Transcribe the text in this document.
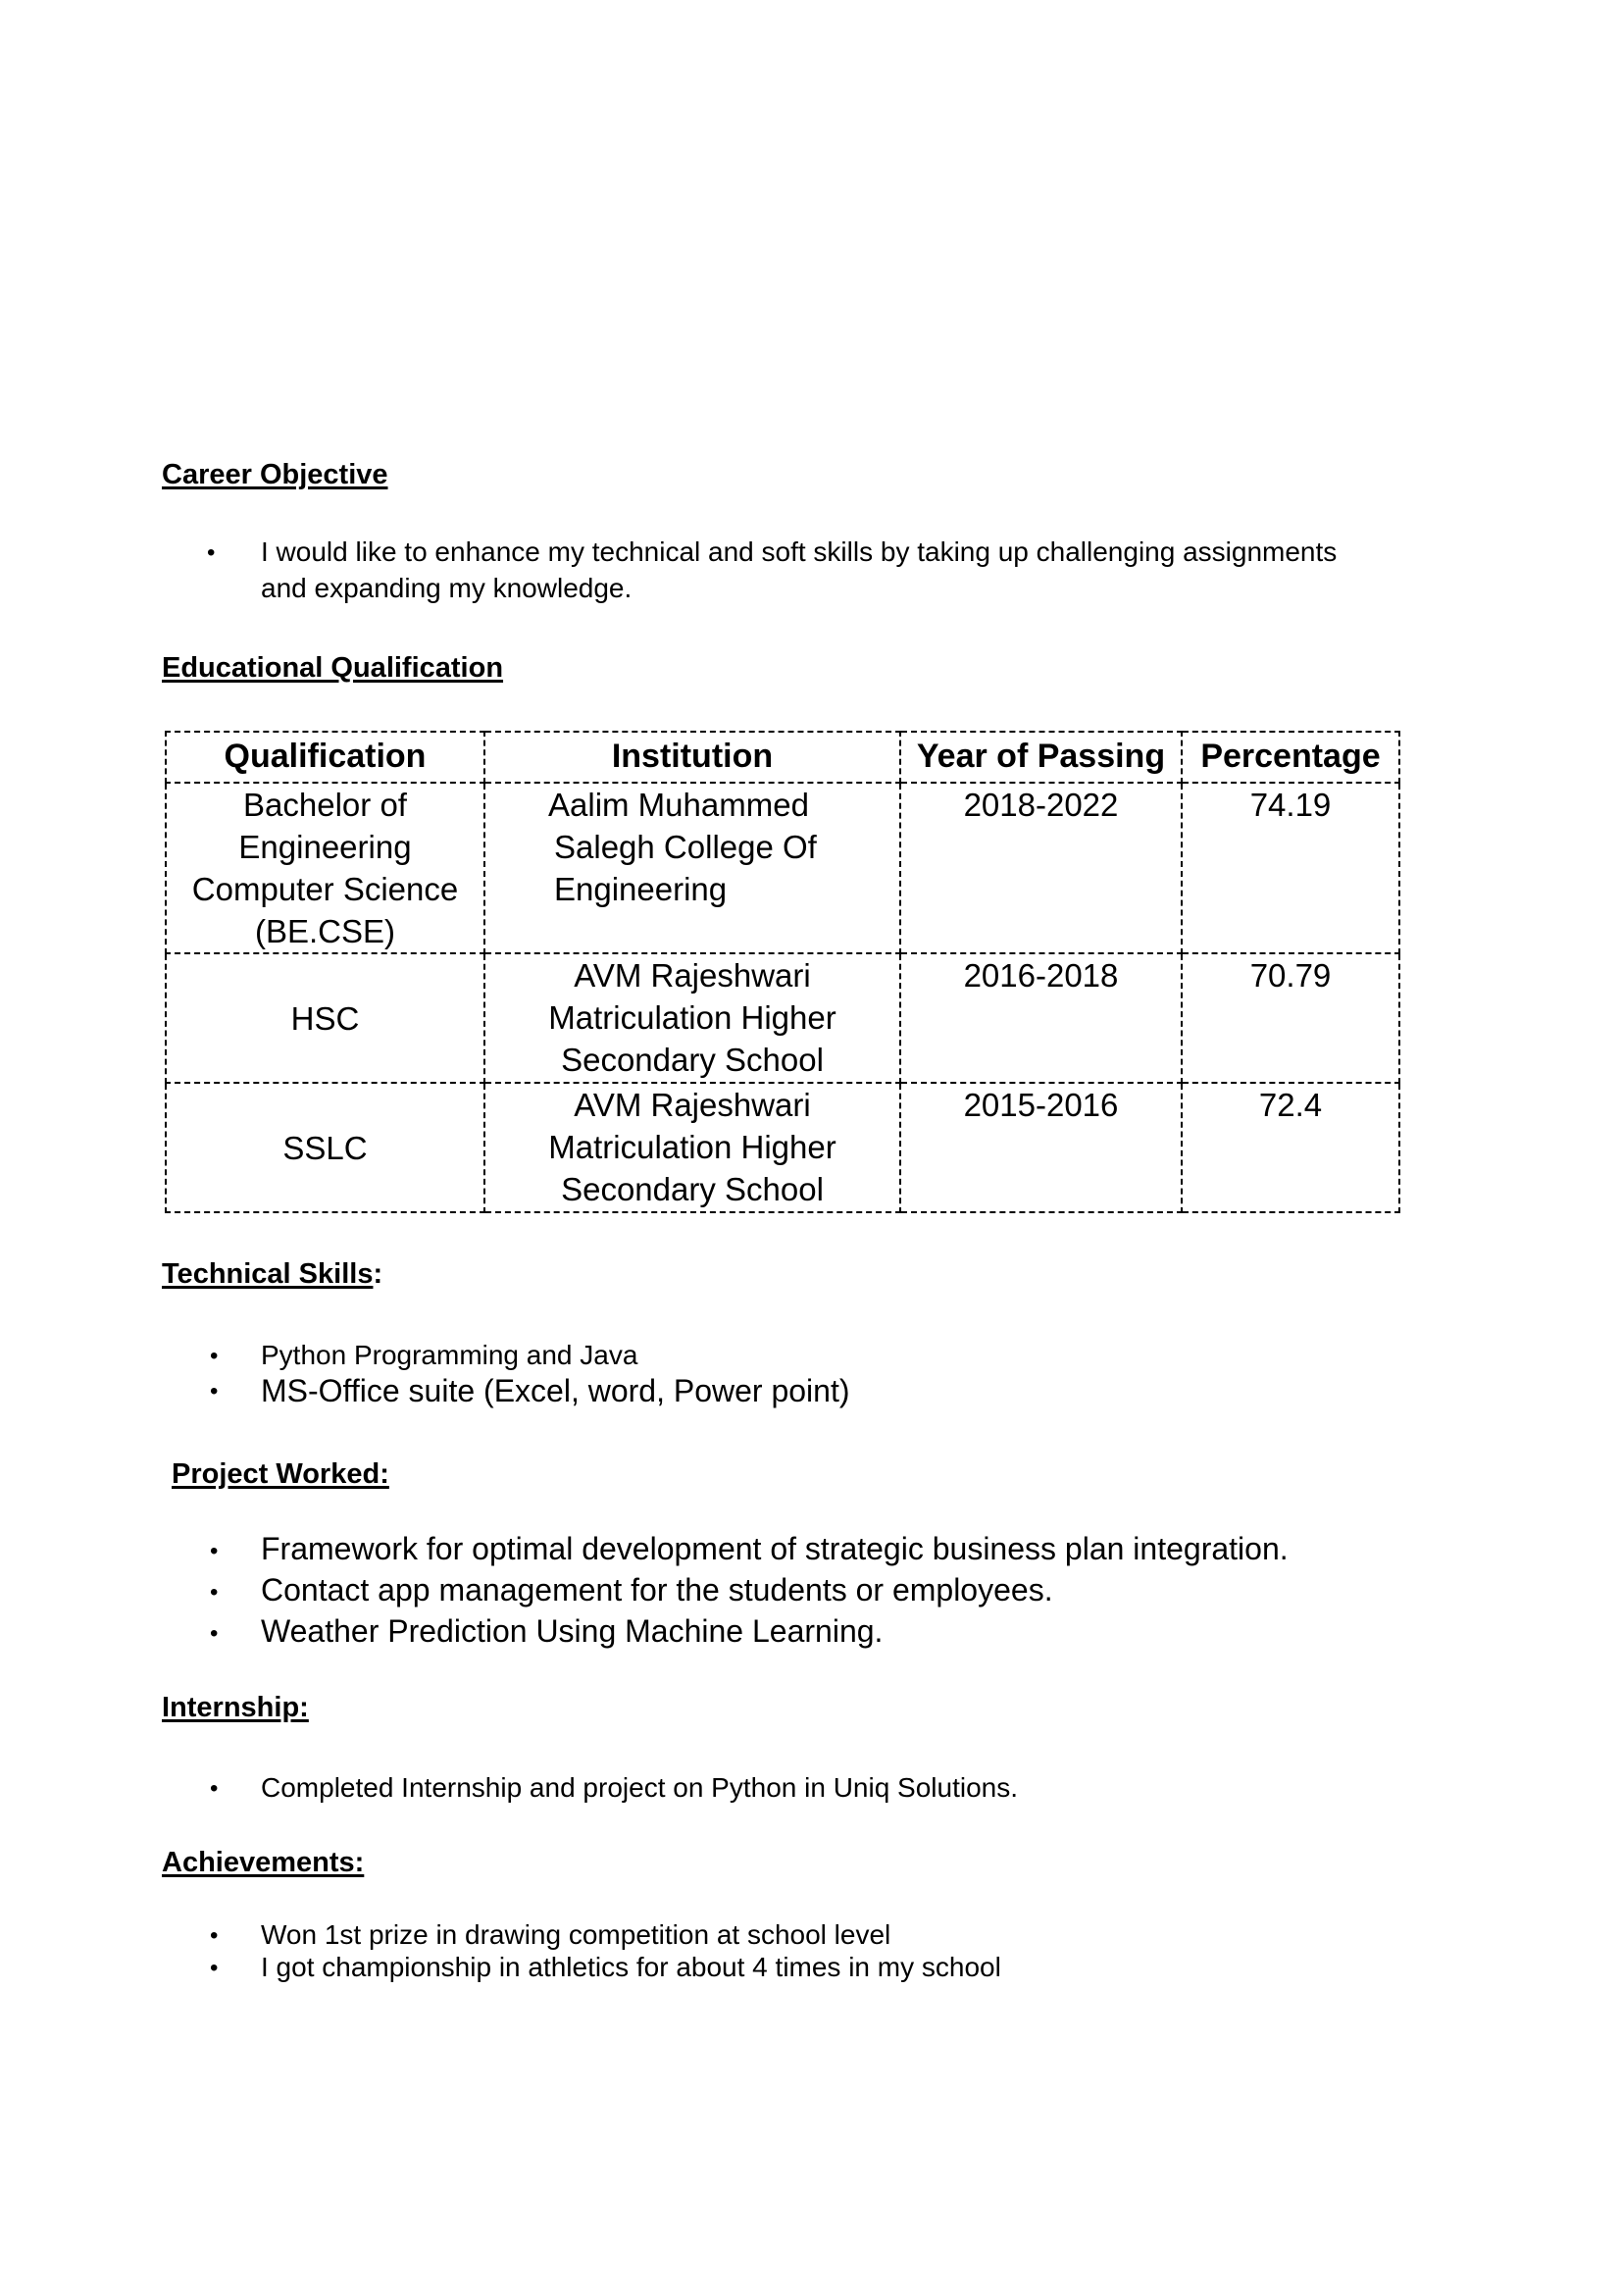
Career Objective
• I would like to enhance my technical and soft skills by taking up challenging assignments
and expanding my knowledge.
Educational Qualification
Qualification	Institution	Year of Passing	Percentage

Bachelor of
Engineering
Computer Science
(BE.CSE)	Aalim Muhammed
Salegh College Of
Engineering	2018-2022	74.19
HSC	AVM Rajeshwari
Matriculation Higher
Secondary School	2016-2018	70.79
SSLC	AVM Rajeshwari
Matriculation Higher
Secondary School	2015-2016	72.4
Technical Skills:
• Python Programming and Java
• MS-Office suite (Excel, word, Power point)
Project Worked:
• Framework for optimal development of strategic business plan integration.
• Contact app management for the students or employees.
• Weather Prediction Using Machine Learning.
Internship:
• Completed Internship and project on Python in Uniq Solutions.
Achievements:
• Won 1st prize in drawing competition at school level
• I got championship in athletics for about 4 times in my school
